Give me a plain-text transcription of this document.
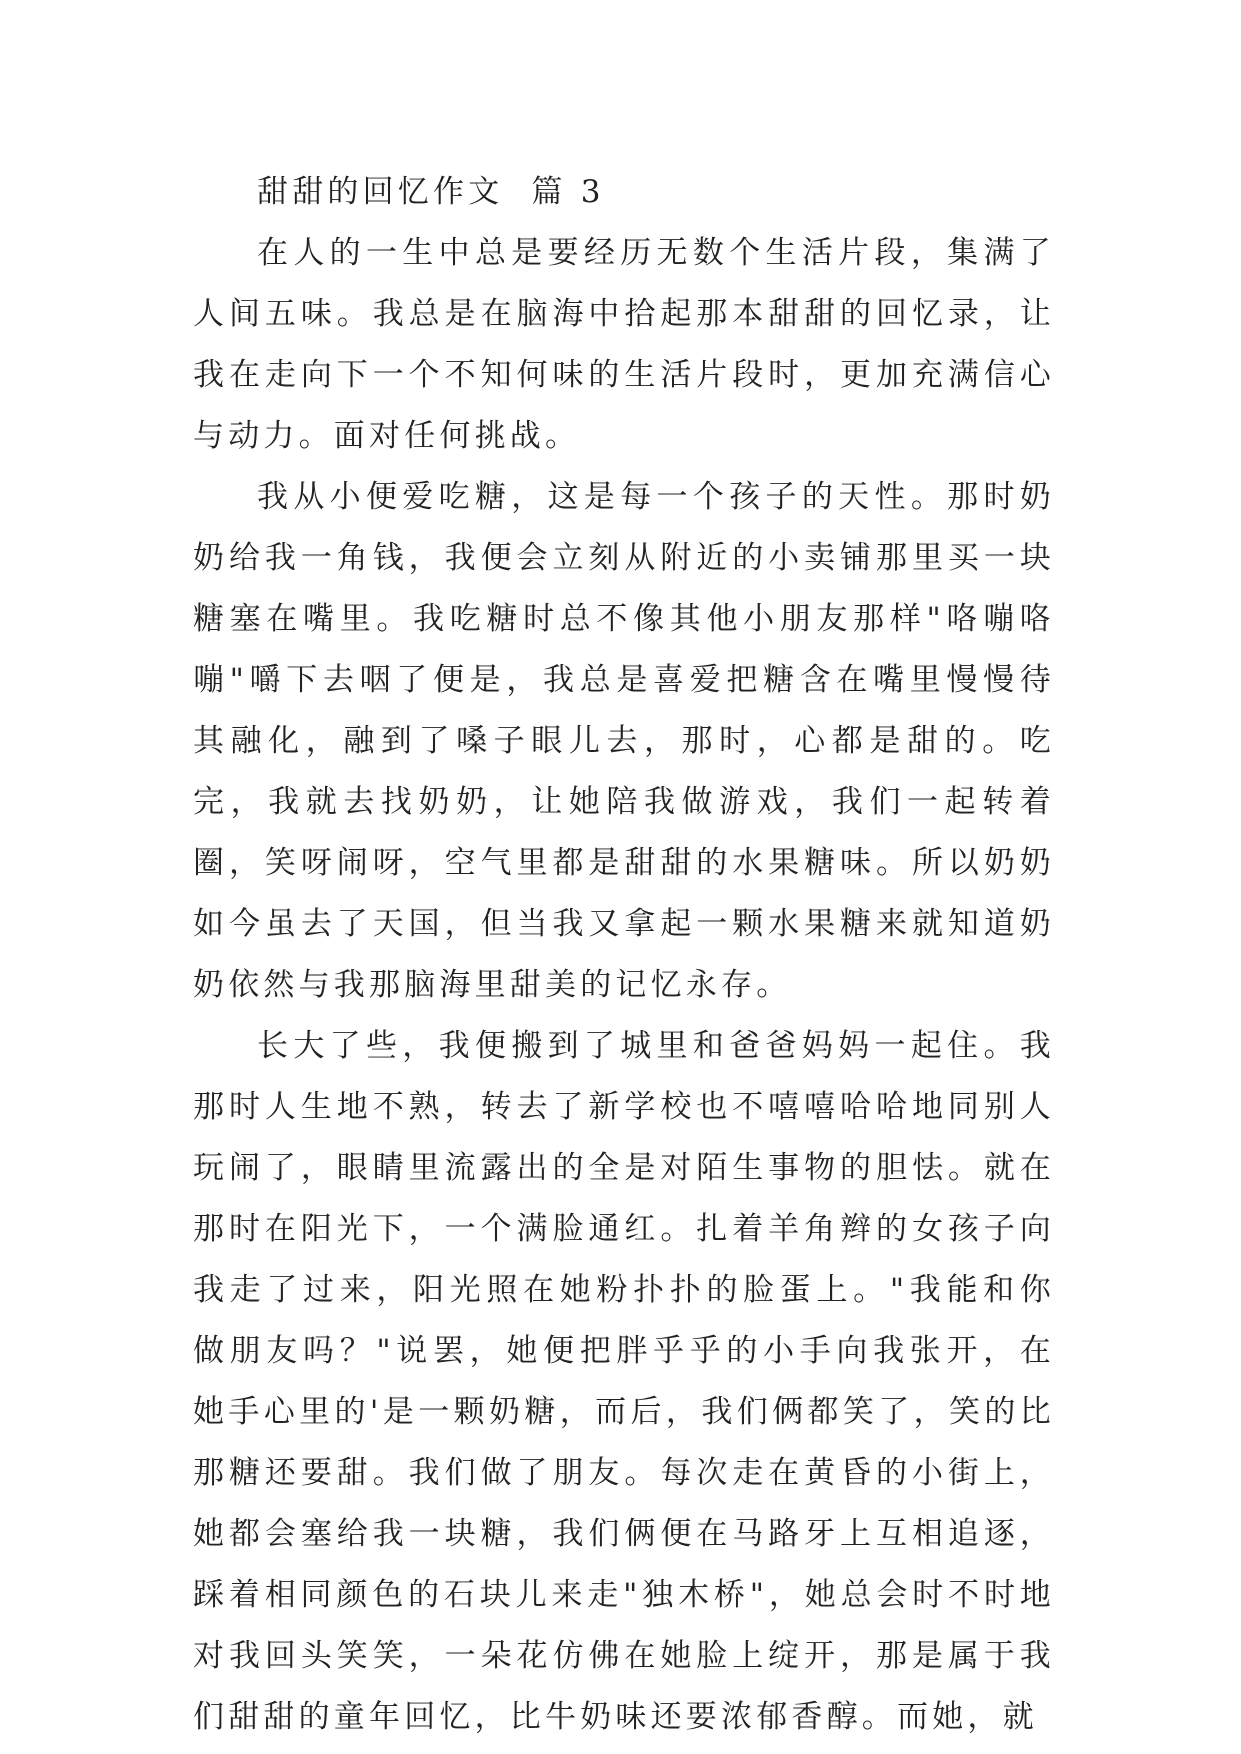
甜甜的回忆作文  篇 3

在人的一生中总是要经历无数个生活片段，集满了人间五味。我总是在脑海中拾起那本甜甜的回忆录，让我在走向下一个不知何味的生活片段时，更加充满信心与动力。面对任何挑战。

我从小便爱吃糖，这是每一个孩子的天性。那时奶奶给我一角钱，我便会立刻从附近的小卖铺那里买一块糖塞在嘴里。我吃糖时总不像其他小朋友那样"咯嘣咯嘣"嚼下去咽了便是，我总是喜爱把糖含在嘴里慢慢待其融化，融到了嗓子眼儿去，那时，心都是甜的。吃完，我就去找奶奶，让她陪我做游戏，我们一起转着圈，笑呀闹呀，空气里都是甜甜的水果糖味。所以奶奶如今虽去了天国，但当我又拿起一颗水果糖来就知道奶奶依然与我那脑海里甜美的记忆永存。

长大了些，我便搬到了城里和爸爸妈妈一起住。我那时人生地不熟，转去了新学校也不嘻嘻哈哈地同别人玩闹了，眼睛里流露出的全是对陌生事物的胆怯。就在那时在阳光下，一个满脸通红。扎着羊角辫的女孩子向我走了过来，阳光照在她粉扑扑的脸蛋上。"我能和你做朋友吗？"说罢，她便把胖乎乎的小手向我张开，在她手心里的'是一颗奶糖，而后，我们俩都笑了，笑的比那糖还要甜。我们做了朋友。每次走在黄昏的小街上，她都会塞给我一块糖，我们俩便在马路牙上互相追逐，踩着相同颜色的石块儿来走"独木桥"，她总会时不时地对我回头笑笑，一朵花仿佛在她脸上绽开，那是属于我们甜甜的童年回忆，比牛奶味还要浓郁香醇。而她，就
